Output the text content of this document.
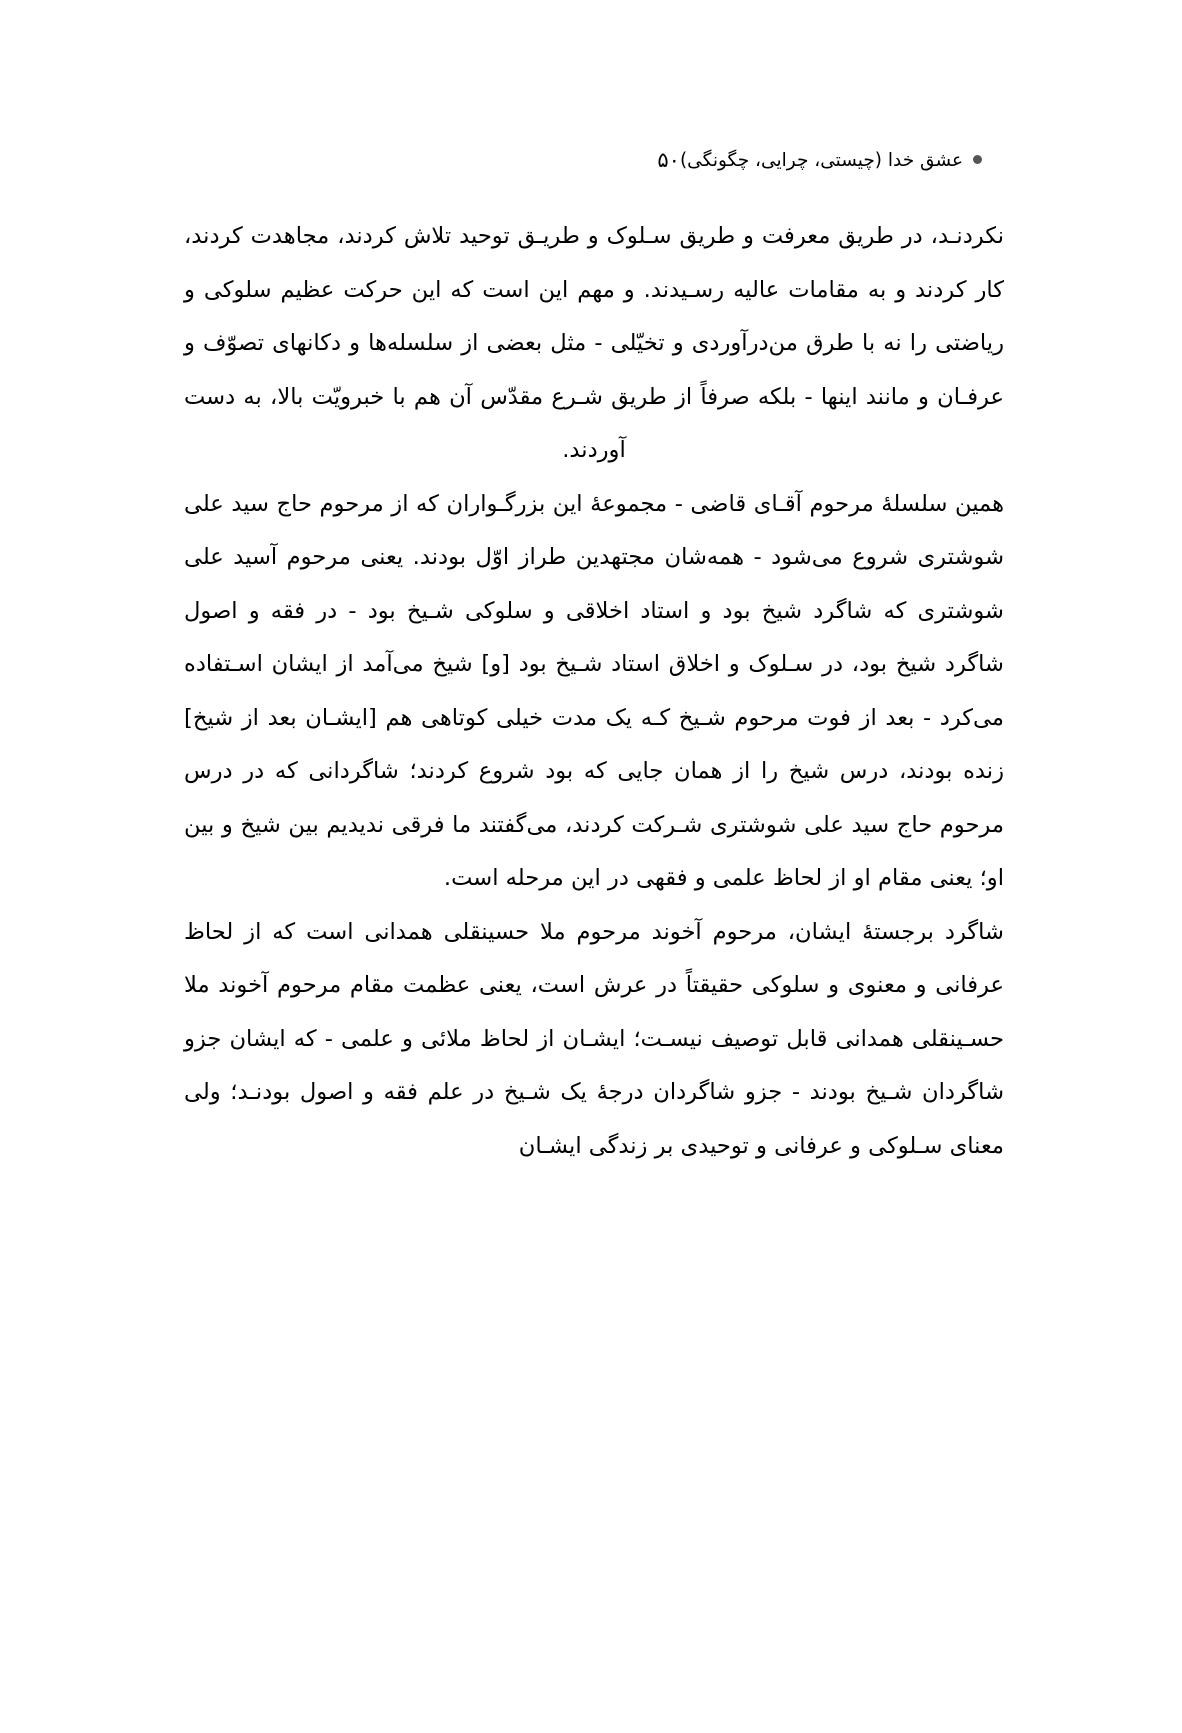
عشق خدا (چیستی، چرایی، چگونگی)
۵۰

نکردنـد، در طریق معرفت و طریق سـلوک و طریـق توحید تلاش کردند، مجاهدت کردند، کار کردند و به مقامات عالیه رسـیدند. و مهم این است که این حرکت عظیم سلوکی و ریاضتی را نه با طرق من‌درآوردی و تخیّلی - مثل بعضی از سلسله‌ها و دکانهای تصوّف و عرفـان و مانند اینها - بلکه صرفاً از طریق شـرع مقدّس آن هم با خبرویّت بالا، به دست آوردند.

همین سلسلۀ مرحوم آقـای قاضی - مجموعۀ این بزرگـواران که از مرحوم حاج سید علی شوشتری شروع می‌شود - همه‌شان مجتهدین طراز اوّل بودند. یعنی مرحوم آسید علی شوشتری که شاگرد شیخ بود و استاد اخلاقی و سلوکی شـیخ بود - در فقه و اصول شاگرد شیخ بود، در سـلوک و اخلاق استاد شـیخ بود [و] شیخ می‌آمد از ایشان اسـتفاده می‌کرد - بعد از فوت مرحوم شـیخ کـه یک مدت خیلی کوتاهی هم [ایشـان بعد از شیخ] زنده بودند، درس شیخ را از همان جایی که بود شروع کردند؛ شاگردانی که در درس مرحوم حاج سید علی شوشتری شـرکت کردند، می‌گفتند ما فرقی ندیدیم بین شیخ و بین او؛ یعنی مقام او از لحاظ علمی و فقهی در این مرحله است.

شاگرد برجستۀ ایشان، مرحوم آخوند مرحوم ملا حسینقلی همدانی است که از لحاظ عرفانی و معنوی و سلوکی حقیقتاً در عرش است، یعنی عظمت مقام مرحوم آخوند ملا حسـینقلی همدانی قابل توصیف نیسـت؛ ایشـان از لحاظ ملائی و علمی - که ایشان جزو شاگردان شـیخ بودند - جزو شاگردان درجۀ یک شـیخ در علم فقه و اصول بودنـد؛ ولی معنای سـلوکی و عرفانی و توحیدی بر زندگی ایشـان
